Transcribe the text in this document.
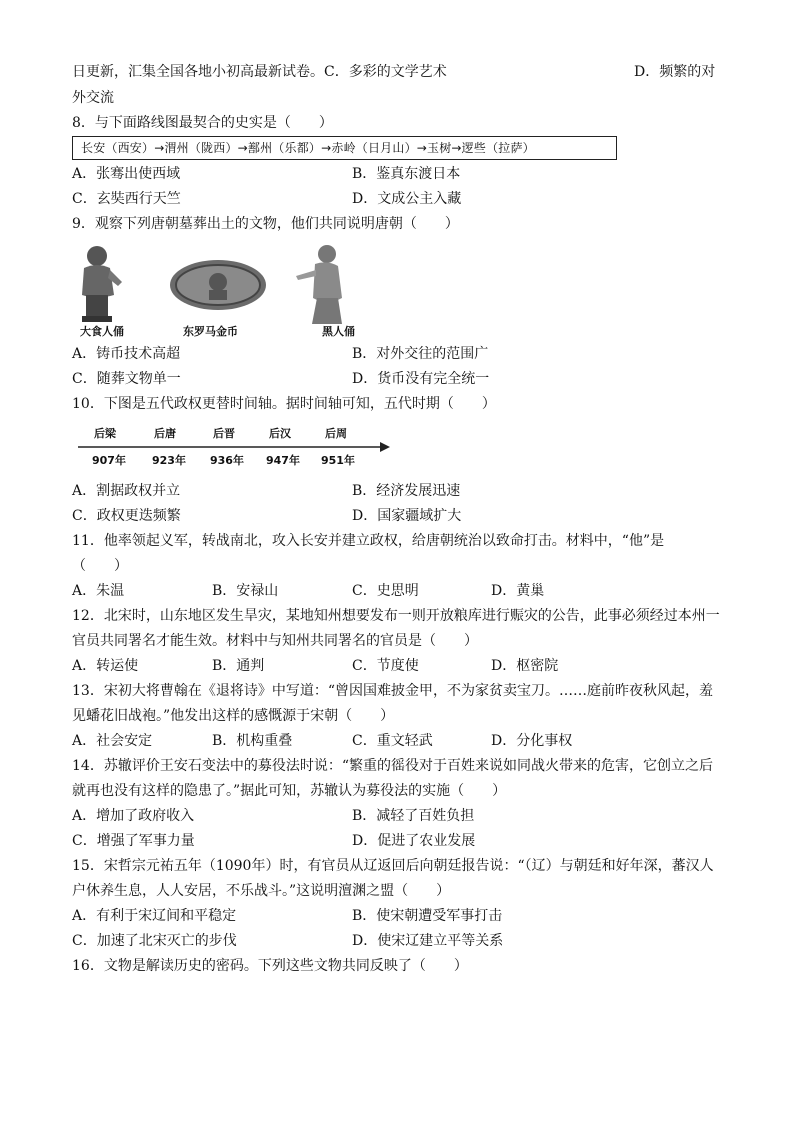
日更新，汇集全国各地小初高最新试卷。C．多彩的文学艺术	D．频繁的对
外交流
8．与下面路线图最契合的史实是（　　）
长安（西安）→渭州（陇西）→鄯州（乐都）→赤岭（日月山）→玉树→逻些（拉萨）
A．张骞出使西域	B．鉴真东渡日本
C．玄奘西行天竺	D．文成公主入藏
9．观察下列唐朝墓葬出土的文物，他们共同说明唐朝（　　）
大食人俑	东罗马金币	黑人俑
A．铸币技术高超	B．对外交往的范围广
C．随葬文物单一	D．货币没有完全统一
10．下图是五代政权更替时间轴。据时间轴可知，五代时期（　　）
后梁	后唐	后晋	后汉	后周
907年 923年 936年 947年 951年
A．割据政权并立	B．经济发展迅速
C．政权更迭频繁	D．国家疆域扩大
11．他率领起义军，转战南北，攻入长安并建立政权，给唐朝统治以致命打击。材料中，“他”是
（　　）
A．朱温	B．安禄山	C．史思明	D．黄巢
12．北宋时，山东地区发生旱灾，某地知州想要发布一则开放粮库进行赈灾的公告，此事必须经过本州一
官员共同署名才能生效。材料中与知州共同署名的官员是（　　）
A．转运使	B．通判	C．节度使	D．枢密院
13．宋初大将曹翰在《退将诗》中写道：“曾因国难披金甲，不为家贫卖宝刀。……庭前昨夜秋风起，羞
见蟠花旧战袍。”他发出这样的感慨源于宋朝（　　）
A．社会安定	B．机构重叠	C．重文轻武	D．分化事权
14．苏辙评价王安石变法中的募役法时说：“繁重的徭役对于百姓来说如同战火带来的危害，它创立之后
就再也没有这样的隐患了。”据此可知，苏辙认为募役法的实施（　　）
A．增加了政府收入	B．减轻了百姓负担
C．增强了军事力量	D．促进了农业发展
15．宋哲宗元祐五年（1090年）时，有官员从辽返回后向朝廷报告说：“（辽）与朝廷和好年深，蕃汉人
户休养生息，人人安居，不乐战斗。”这说明澶渊之盟（　　）
A．有利于宋辽间和平稳定	B．使宋朝遭受军事打击
C．加速了北宋灭亡的步伐	D．使宋辽建立平等关系
16．文物是解读历史的密码。下列这些文物共同反映了（　　）
